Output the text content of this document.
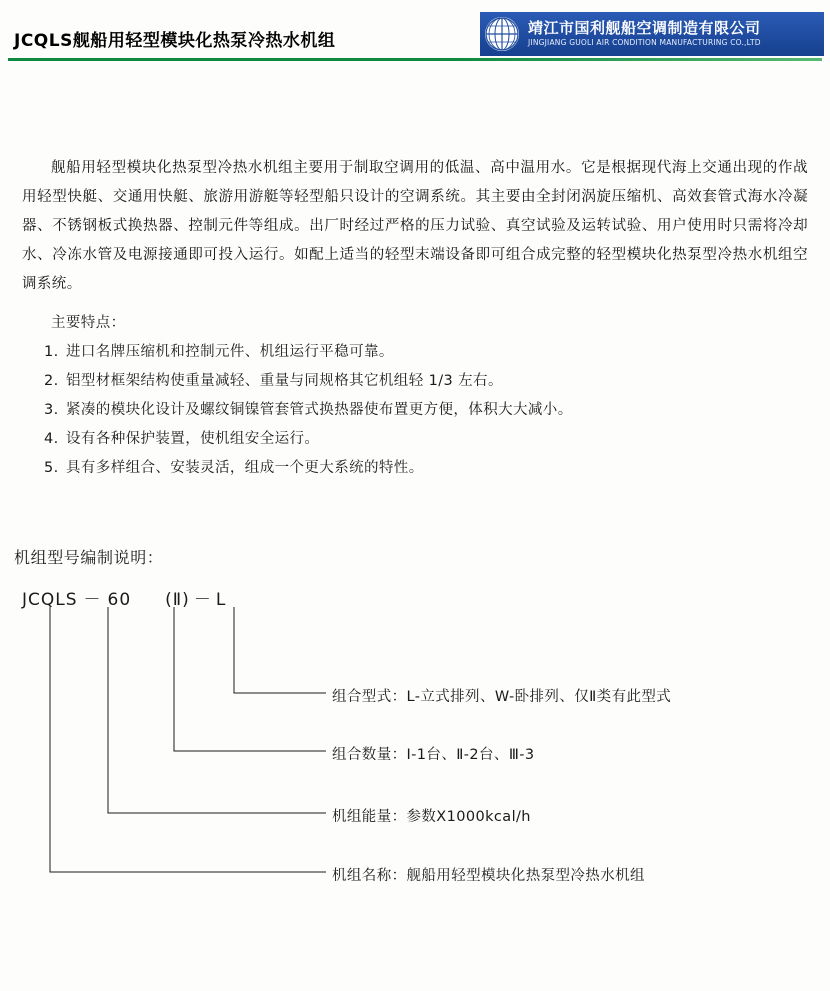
JCQLS舰船用轻型模块化热泵冷热水机组
靖江市国利舰船空调制造有限公司
JINGJIANG GUOLI AIR CONDITION MANUFACTURING CO.,LTD

舰船用轻型模块化热泵型冷热水机组主要用于制取空调用的低温、高中温用水。它是根据现代海上交通出现的作战用轻型快艇、交通用快艇、旅游用游艇等轻型船只设计的空调系统。其主要由全封闭涡旋压缩机、高效套管式海水冷凝器、不锈钢板式换热器、控制元件等组成。出厂时经过严格的压力试验、真空试验及运转试验、用户使用时只需将冷却水、冷冻水管及电源接通即可投入运行。如配上适当的轻型末端设备即可组合成完整的轻型模块化热泵型冷热水机组空调系统。

主要特点：
1. 进口名牌压缩机和控制元件、机组运行平稳可靠。
2. 铝型材框架结构使重量减轻、重量与同规格其它机组轻 1/3 左右。
3. 紧凑的模块化设计及螺纹铜镍管套管式换热器使布置更方便，体积大大减小。
4. 设有各种保护装置，使机组安全运行。
5. 具有多样组合、安装灵活，组成一个更大系统的特性。
机组型号编制说明：
JCQLS － 60 (Ⅱ) － L
组合型式：L-立式排列、W-卧排列、仅Ⅱ类有此型式
组合数量：Ⅰ-1台、Ⅱ-2台、Ⅲ-3
机组能量：参数X1000kcal/h
机组名称：舰船用轻型模块化热泵型冷热水机组
